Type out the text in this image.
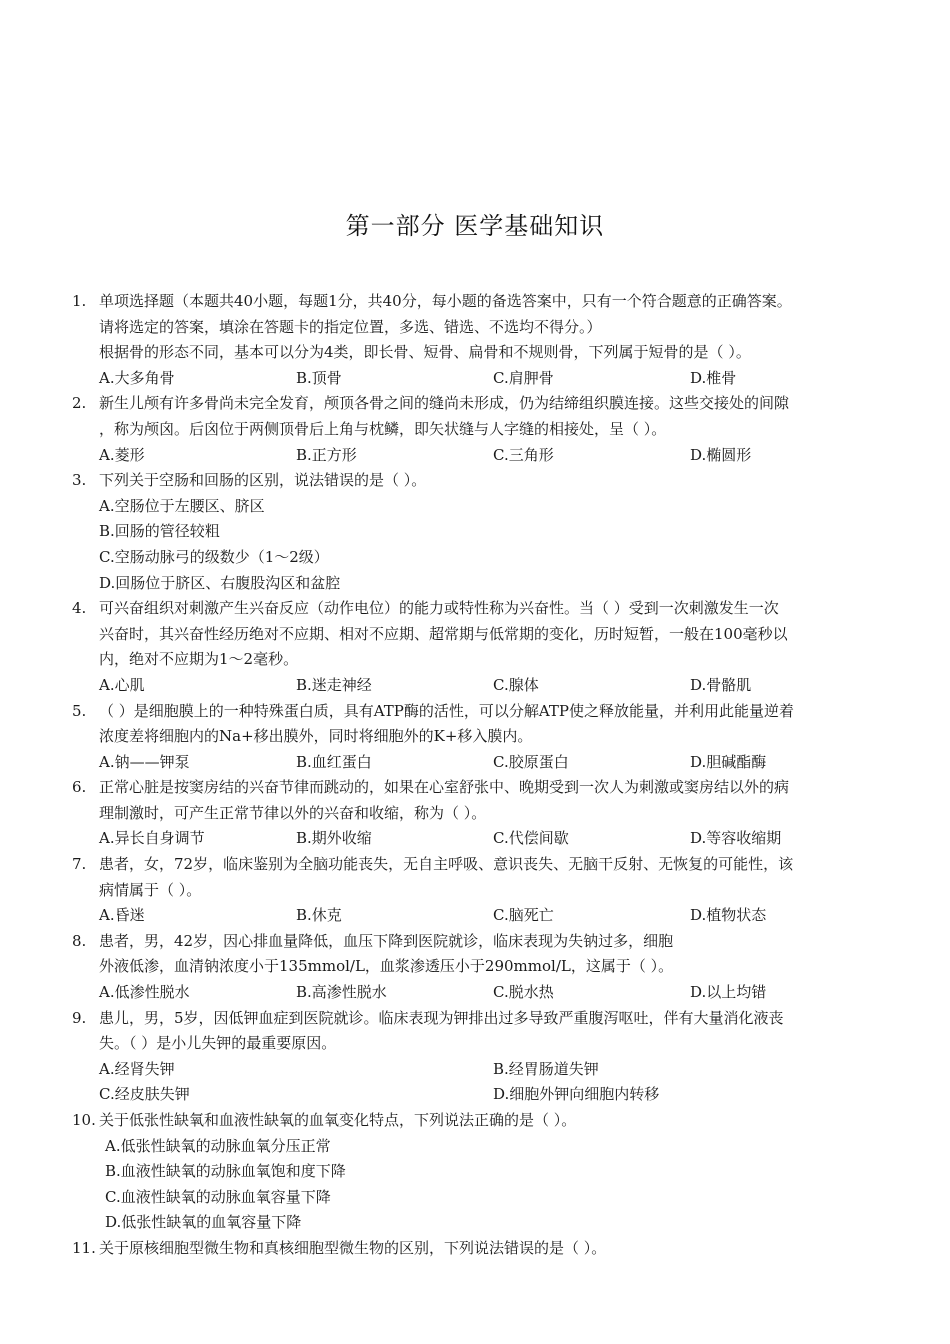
第一部分 医学基础知识
1. 单项选择题（本题共40小题，每题1分，共40分，每小题的备选答案中，只有一个符合题意的正确答案。
请将选定的答案，填涂在答题卡的指定位置，多选、错选、不选均不得分。）
根据骨的形态不同，基本可以分为4类，即长骨、短骨、扁骨和不规则骨，下列属于短骨的是（ ）。
A.大多角骨	B.顶骨	C.肩胛骨	D.椎骨
2. 新生儿颅有许多骨尚未完全发育，颅顶各骨之间的缝尚未形成，仍为结缔组织膜连接。这些交接处的间隙
，称为颅囟。后囟位于两侧顶骨后上角与枕鳞，即矢状缝与人字缝的相接处，呈（ ）。
A.菱形	B.正方形	C.三角形	D.椭圆形
3. 下列关于空肠和回肠的区别，说法错误的是（ ）。
A.空肠位于左腰区、脐区
B.回肠的管径较粗
C.空肠动脉弓的级数少（1～2级）
D.回肠位于脐区、右腹股沟区和盆腔
4. 可兴奋组织对刺激产生兴奋反应（动作电位）的能力或特性称为兴奋性。当（ ）受到一次刺激发生一次
兴奋时，其兴奋性经历绝对不应期、相对不应期、超常期与低常期的变化，历时短暂，一般在100毫秒以
内，绝对不应期为1～2毫秒。
A.心肌	B.迷走神经	C.腺体	D.骨骼肌
5. （ ）是细胞膜上的一种特殊蛋白质，具有ATP酶的活性，可以分解ATP使之释放能量，并利用此能量逆着
浓度差将细胞内的Na+移出膜外，同时将细胞外的K+移入膜内。
A.钠——钾泵	B.血红蛋白	C.胶原蛋白	D.胆碱酯酶
6. 正常心脏是按窦房结的兴奋节律而跳动的，如果在心室舒张中、晚期受到一次人为刺激或窦房结以外的病
理制激时，可产生正常节律以外的兴奋和收缩，称为（ ）。
A.异长自身调节	B.期外收缩	C.代偿间歇	D.等容收缩期
7. 患者，女，72岁，临床鉴别为全脑功能丧失，无自主呼吸、意识丧失、无脑干反射、无恢复的可能性，该
病情属于（ ）。
A.昏迷	B.休克	C.脑死亡	D.植物状态
8. 患者，男，42岁，因心排血量降低，血压下降到医院就诊，临床表现为失钠过多，细胞
外液低渗，血清钠浓度小于135mmol/L，血浆渗透压小于290mmol/L，这属于（ ）。
A.低渗性脱水	B.高渗性脱水	C.脱水热	D.以上均错
9. 患儿，男，5岁，因低钾血症到医院就诊。临床表现为钾排出过多导致严重腹泻呕吐，伴有大量消化液丧
失。（ ）是小儿失钾的最重要原因。
A.经肾失钾	B.经胃肠道失钾
C.经皮肤失钾	D.细胞外钾向细胞内转移
10. 关于低张性缺氧和血液性缺氧的血氧变化特点，下列说法正确的是（ ）。
A.低张性缺氧的动脉血氧分压正常
B.血液性缺氧的动脉血氧饱和度下降
C.血液性缺氧的动脉血氧容量下降
D.低张性缺氧的血氧容量下降
11. 关于原核细胞型微生物和真核细胞型微生物的区别，下列说法错误的是（ ）。
